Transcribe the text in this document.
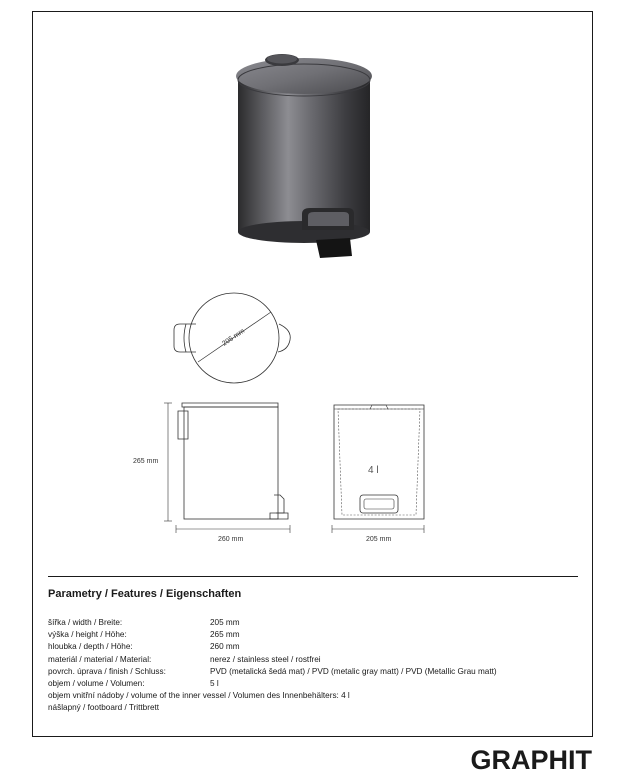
205 mm
265 mm
260 mm
4 l
205 mm
Parametry / Features / Eigenschaften
šířka / width / Breite:	205 mm
výška / height / Höhe:	265 mm
hloubka / depth / Höhe:	260 mm
materiál / material / Material:	nerez / stainless steel / rostfrei
povrch. úprava / finish / Schluss:	PVD (metalická šedá mat) / PVD (metalic gray matt) / PVD (Metallic Grau matt)
objem / volume / Volumen:	5 l
objem vnitřní nádoby / volume of the inner vessel / Volumen des Innenbehälters: 4 l
nášlapný / footboard / Trittbrett
GRAPHIT
